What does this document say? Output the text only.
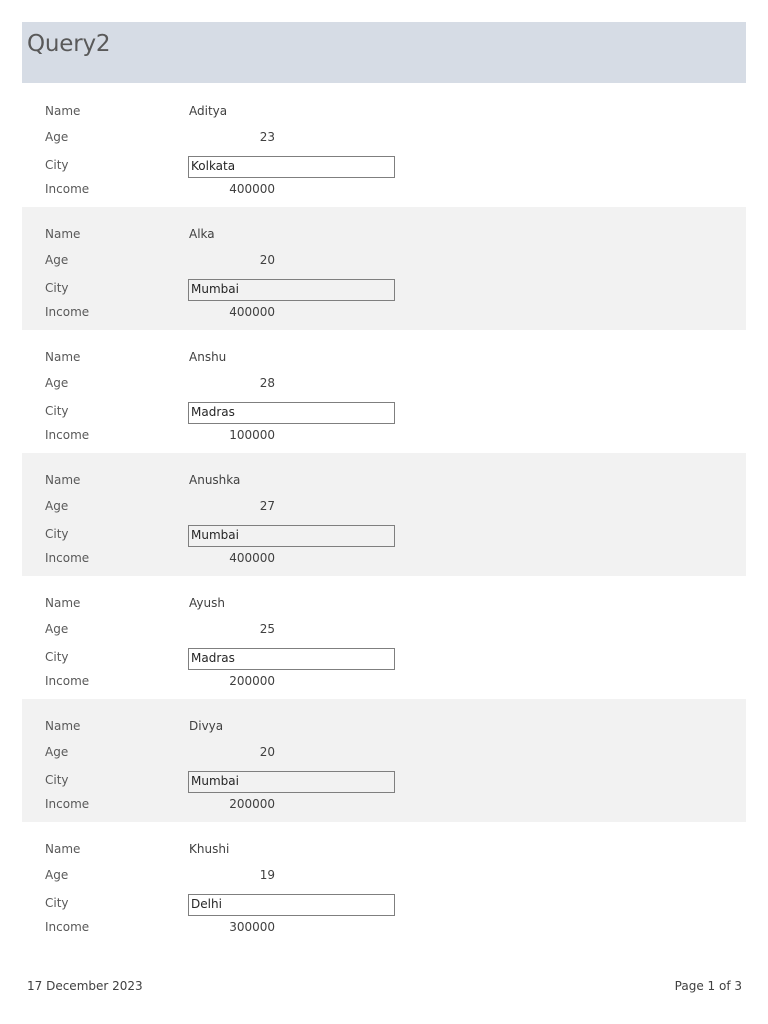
Query2
Name	Aditya
Age	23
City	Kolkata
Income	400000
Name	Alka
Age	20
City	Mumbai
Income	400000
Name	Anshu
Age	28
City	Madras
Income	100000
Name	Anushka
Age	27
City	Mumbai
Income	400000
Name	Ayush
Age	25
City	Madras
Income	200000
Name	Divya
Age	20
City	Mumbai
Income	200000
Name	Khushi
Age	19
City	Delhi
Income	300000
17 December 2023	Page 1 of 3
